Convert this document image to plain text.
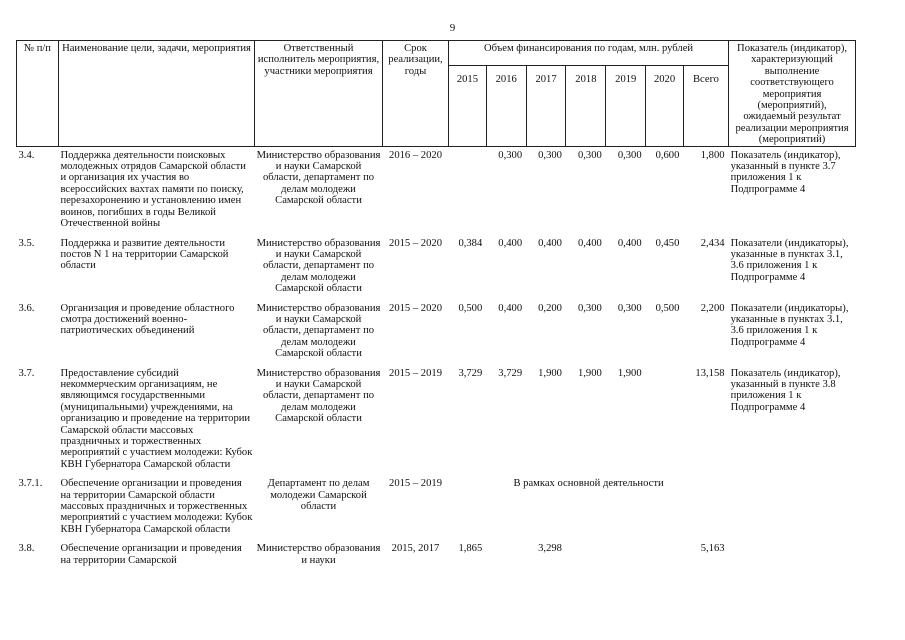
9
№ п/п	Наименование цели, задачи, мероприятия	Ответственный исполнитель мероприятия, участники мероприятия	Срок реализации, годы	Объем финансирования по годам, млн. рублей							Показатель (индикатор), характеризующий выполнение соответствующего мероприятия (мероприятий), ожидаемый результат реализации мероприятия (мероприятий)
				2015	2016	2017	2018	2019	2020	Всего	
3.4.	Поддержка деятельности поисковых молодежных отрядов Самарской области и организация их участия во всероссийских вахтах памяти по поиску, перезахоронению и установлению имен воинов, погибших в годы Великой Отечественной войны	Министерство образования и науки Самарской области, департамент по делам молодежи Самарской области	2016 – 2020		0,300	0,300	0,300	0,300	0,600	1,800	Показатель (индикатор), указанный в пункте 3.7 приложения 1 к Подпрограмме 4
3.5.	Поддержка и развитие деятельности постов N 1 на территории Самарской области	Министерство образования и науки Самарской области, департамент по делам молодежи Самарской области	2015 – 2020	0,384	0,400	0,400	0,400	0,400	0,450	2,434	Показатели (индикаторы), указанные в пунктах 3.1, 3.6 приложения 1 к Подпрограмме 4
3.6.	Организация и проведение областного смотра достижений военно-патриотических объединений	Министерство образования и науки Самарской области, департамент по делам молодежи Самарской области	2015 – 2020	0,500	0,400	0,200	0,300	0,300	0,500	2,200	Показатели (индикаторы), указанные в пунктах 3.1, 3.6 приложения 1 к Подпрограмме 4
3.7.	Предоставление субсидий некоммерческим организациям, не являющимся государственными (муниципальными) учреждениями, на организацию и проведение на территории Самарской области массовых праздничных и торжественных мероприятий с участием молодежи: Кубок КВН Губернатора Самарской области	Министерство образования и науки Самарской области, департамент по делам молодежи Самарской области	2015 – 2019	3,729	3,729	1,900	1,900	1,900		13,158	Показатель (индикатор), указанный в пункте 3.8 приложения 1 к Подпрограмме 4
3.7.1.	Обеспечение организации и проведения на территории Самарской области массовых праздничных и торжественных мероприятий с участием молодежи: Кубок КВН Губернатора Самарской области	Департамент по делам молодежи Самарской области	2015 – 2019	В рамках основной деятельности							
3.8.	Обеспечение организации и проведения на территории Самарской	Министерство образования и науки	2015, 2017	1,865		3,298				5,163	
